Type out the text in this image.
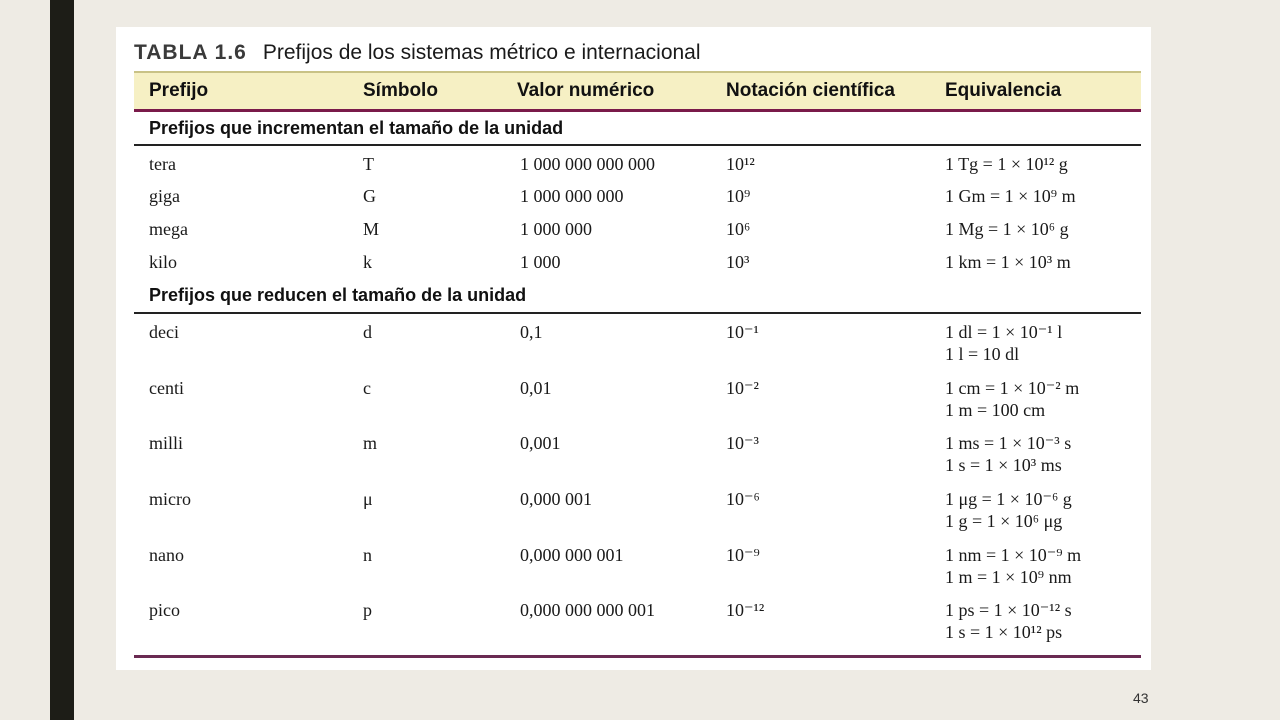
TABLA 1.6 Prefijos de los sistemas métrico e internacional
Prefijo	Símbolo	Valor numérico	Notación científica	Equivalencia
Prefijos que incrementan el tamaño de la unidad
tera	T	1 000 000 000 000	10¹²	1 Tg = 1 × 10¹² g
giga	G	1 000 000 000	10⁹	1 Gm = 1 × 10⁹ m
mega	M	1 000 000	10⁶	1 Mg = 1 × 10⁶ g
kilo	k	1 000	10³	1 km = 1 × 10³ m
Prefijos que reducen el tamaño de la unidad
deci	d	0,1	10⁻¹	1 dl = 1 × 10⁻¹ l
1 l = 10 dl
centi	c	0,01	10⁻²	1 cm = 1 × 10⁻² m
1 m = 100 cm
milli	m	0,001	10⁻³	1 ms = 1 × 10⁻³ s
1 s = 1 × 10³ ms
micro	μ	0,000 001	10⁻⁶	1 μg = 1 × 10⁻⁶ g
1 g = 1 × 10⁶ μg
nano	n	0,000 000 001	10⁻⁹	1 nm = 1 × 10⁻⁹ m
1 m = 1 × 10⁹ nm
pico	p	0,000 000 000 001	10⁻¹²	1 ps = 1 × 10⁻¹² s
1 s = 1 × 10¹² ps
43
